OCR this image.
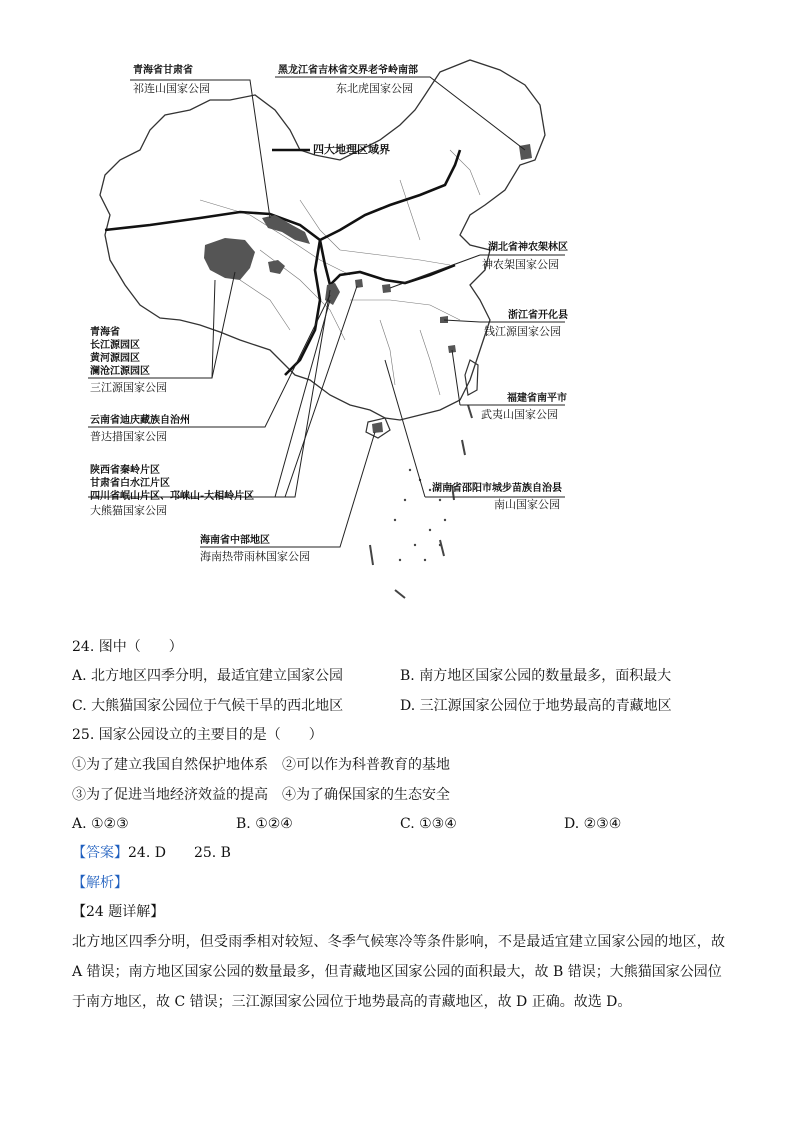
青海省甘肃省
祁连山国家公园
黑龙江省吉林省交界老爷岭南部
东北虎国家公园
四大地理区域界
湖北省神农架林区
神农架国家公园
浙江省开化县
钱江源国家公园
青海省
长江源园区
黄河源园区
澜沧江源园区
三江源国家公园
福建省南平市
武夷山国家公园
云南省迪庆藏族自治州
普达措国家公园
陕西省秦岭片区
甘肃省白水江片区
四川省岷山片区、邛崃山-大相岭片区
大熊猫国家公园
湖南省邵阳市城步苗族自治县
南山国家公园
海南省中部地区
海南热带雨林国家公园
24. 图中（　　）
A. 北方地区四季分明，最适宜建立国家公园	B. 南方地区国家公园的数量最多，面积最大
C. 大熊猫国家公园位于气候干旱的西北地区	D. 三江源国家公园位于地势最高的青藏地区
25. 国家公园设立的主要目的是（　　）
①为了建立我国自然保护地体系　②可以作为科普教育的基地
③为了促进当地经济效益的提高　④为了确保国家的生态安全
A. ①②③	B. ①②④	C. ①③④	D. ②③④
【答案】24. D　　25. B
【解析】
【24 题详解】
北方地区四季分明，但受雨季相对较短、冬季气候寒冷等条件影响，不是最适宜建立国家公园的地区，故
A 错误；南方地区国家公园的数量最多，但青藏地区国家公园的面积最大，故 B 错误；大熊猫国家公园位
于南方地区，故 C 错误；三江源国家公园位于地势最高的青藏地区，故 D 正确。故选 D。
